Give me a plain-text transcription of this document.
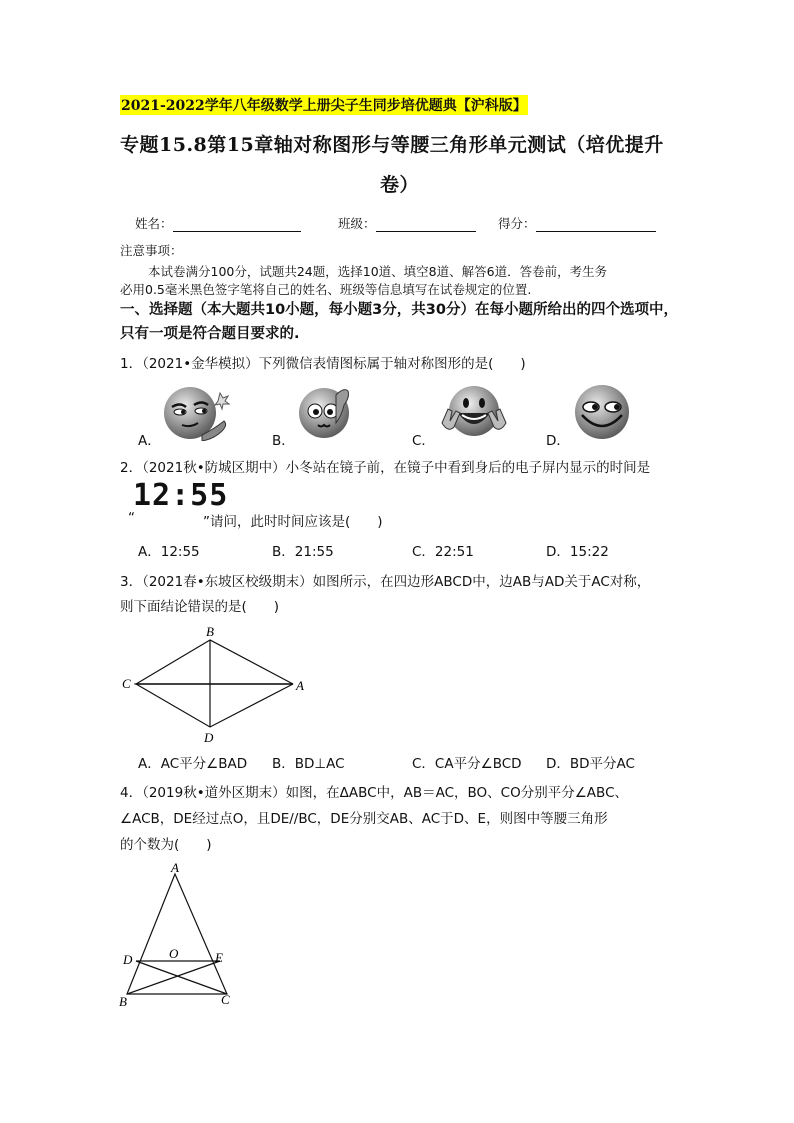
2021-2022学年八年级数学上册尖子生同步培优题典【沪科版】
专题15.8第15章轴对称图形与等腰三角形单元测试（培优提升
卷）
姓名：	班级：	得分：
注意事项：
本试卷满分100分，试题共24题，选择10道、填空8道、解答6道．答卷前，考生务
必用0.5毫米黑色签字笔将自己的姓名、班级等信息填写在试卷规定的位置.
一、选择题（本大题共10小题，每小题3分，共30分）在每小题所给出的四个选项中，
只有一项是符合题目要求的.
1．（2021•金华模拟）下列微信表情图标属于轴对称图形的是(　　)
A．	B．	C．	D．
2．（2021秋•防城区期中）小冬站在镜子前，在镜子中看到身后的电子屏内显示的时间是
12:55
“	”请问，此时时间应该是(　　)
A．12:55	B．21:55	C．22:51	D．15:22
3．（2021春•东坡区校级期末）如图所示，在四边形ABCD中，边AB与AD关于AC对称，
则下面结论错误的是(　　)
B
C	A
D
A．AC平分∠BAD B．BD⊥AC	C．CA平分∠BCD D．BD平分AC
4．（2019秋•道外区期末）如图，在ΔABC中，AB＝AC，BO、CO分别平分∠ABC、
∠ACB，DE经过点O，且DE//BC，DE分别交AB、AC于D、E，则图中等腰三角形
的个数为(　　)
A
D	O	E
B	C
